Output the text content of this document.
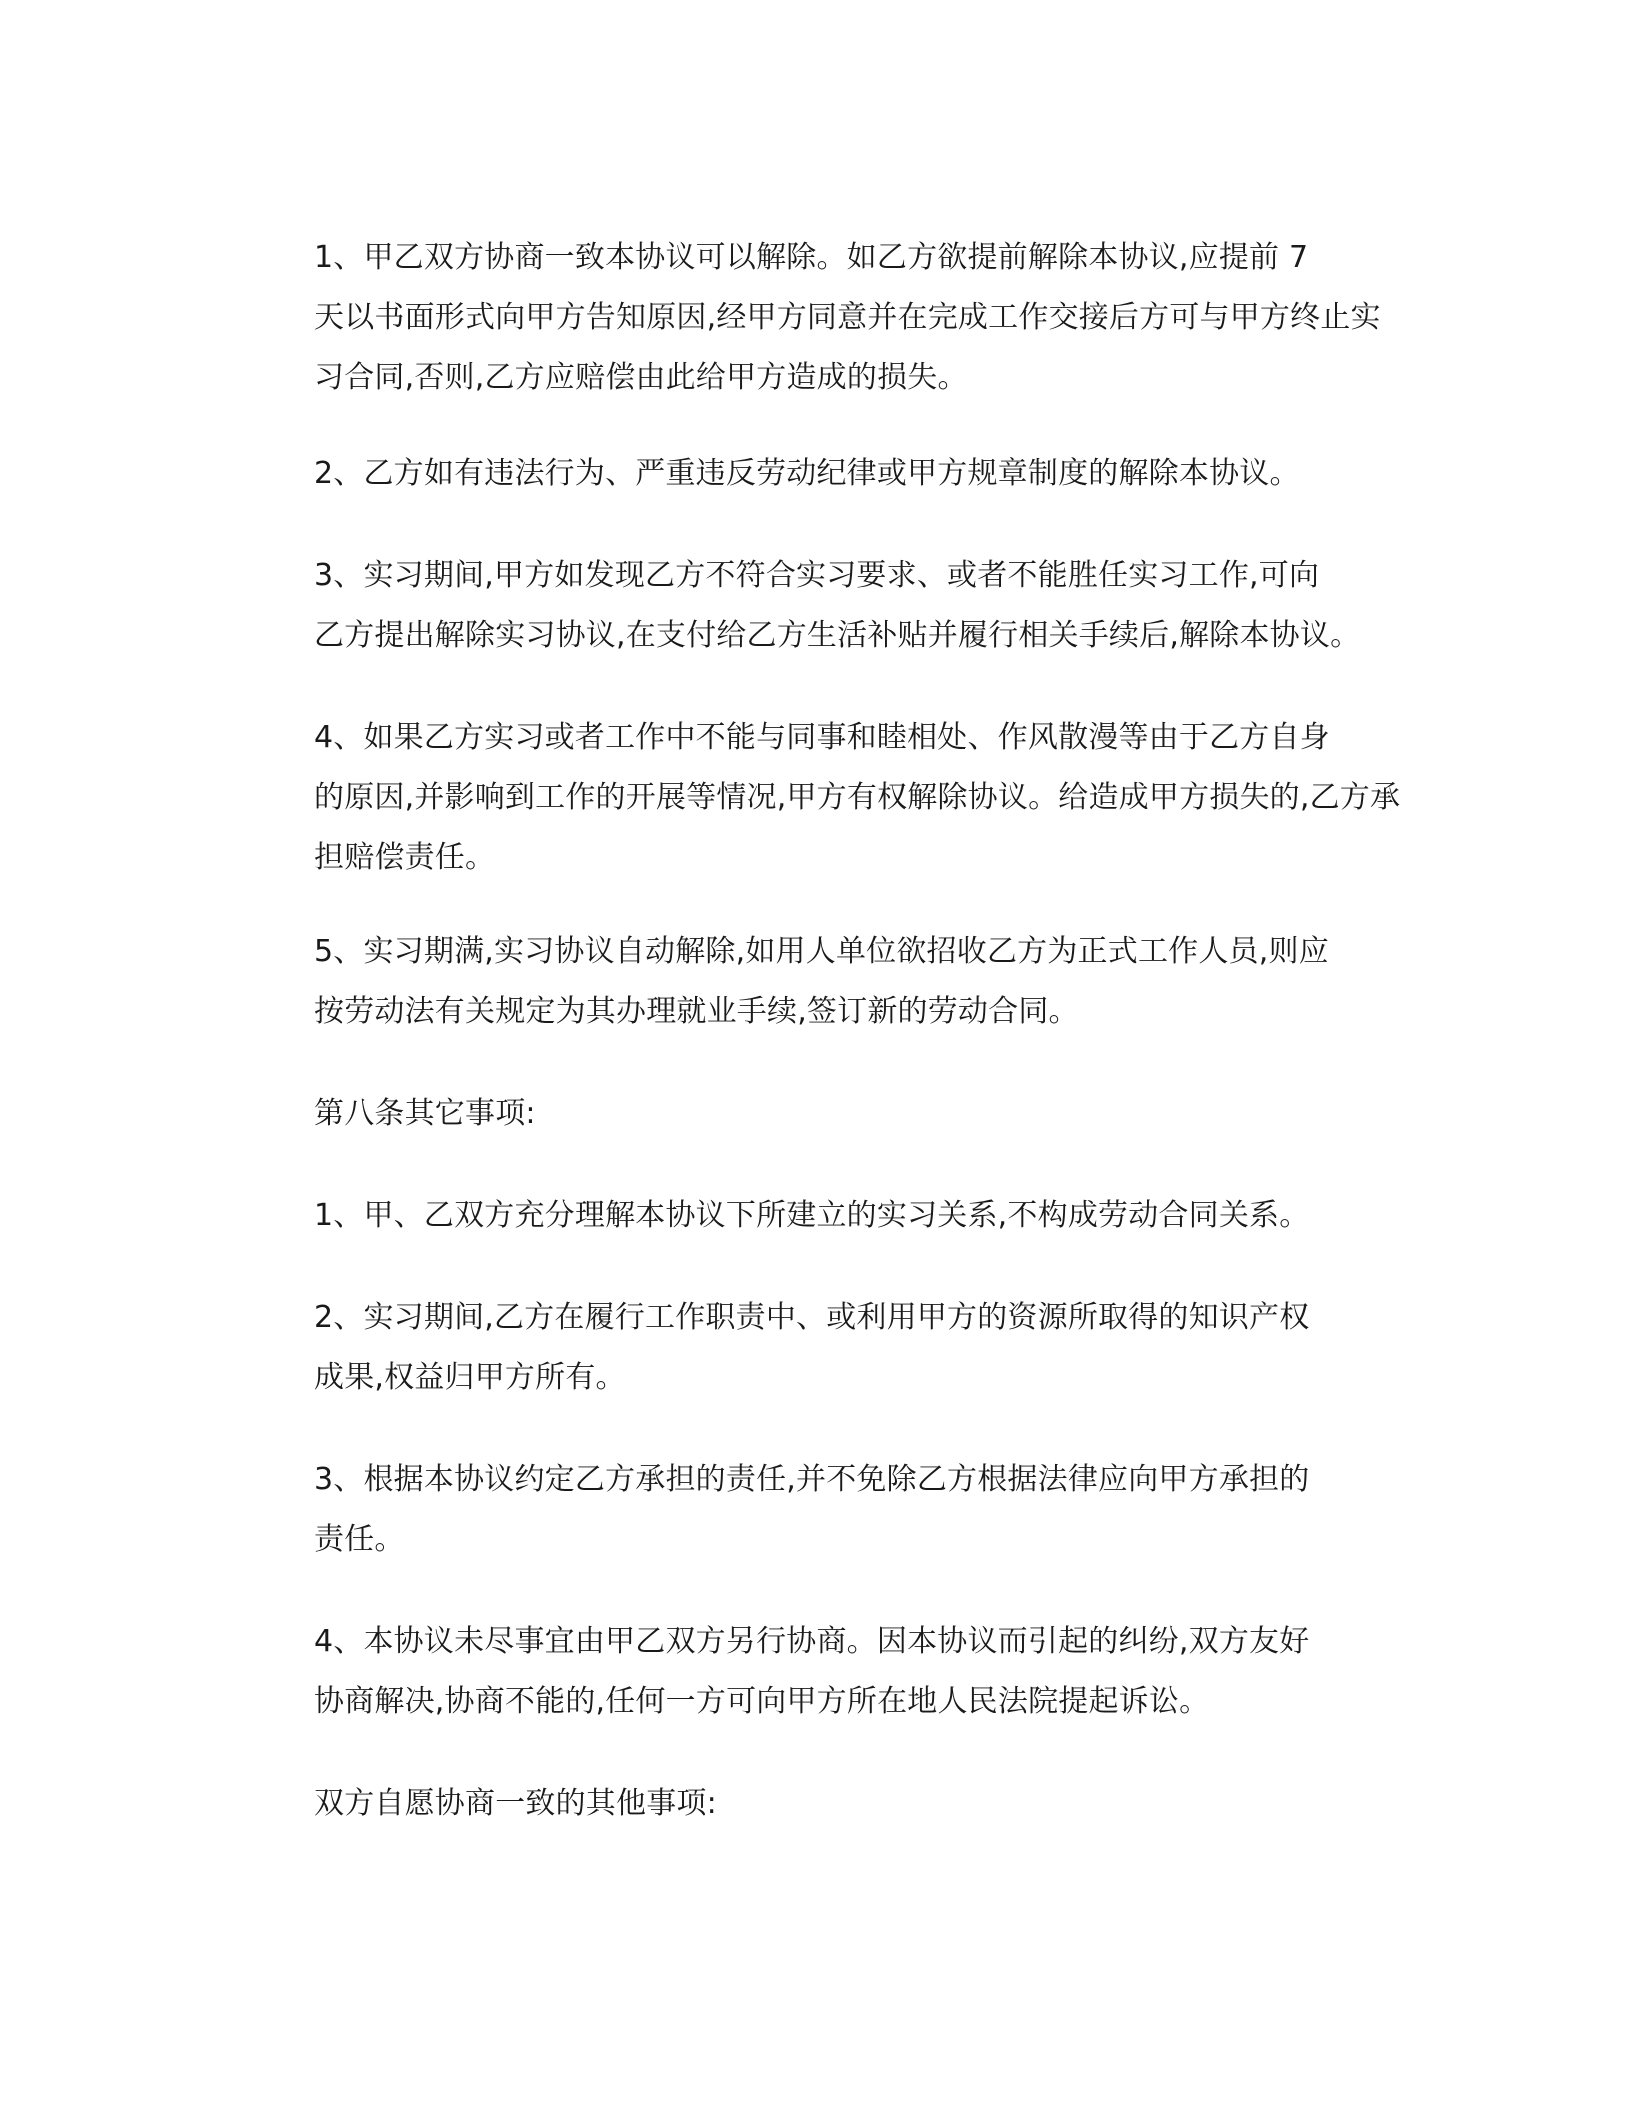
1、甲乙双方协商一致本协议可以解除。如乙方欲提前解除本协议,应提前 7
天以书面形式向甲方告知原因,经甲方同意并在完成工作交接后方可与甲方终止实
习合同,否则,乙方应赔偿由此给甲方造成的损失。
2、乙方如有违法行为、严重违反劳动纪律或甲方规章制度的解除本协议。
3、实习期间,甲方如发现乙方不符合实习要求、或者不能胜任实习工作,可向
乙方提出解除实习协议,在支付给乙方生活补贴并履行相关手续后,解除本协议。
4、如果乙方实习或者工作中不能与同事和睦相处、作风散漫等由于乙方自身
的原因,并影响到工作的开展等情况,甲方有权解除协议。给造成甲方损失的,乙方承
担赔偿责任。
5、实习期满,实习协议自动解除,如用人单位欲招收乙方为正式工作人员,则应
按劳动法有关规定为其办理就业手续,签订新的劳动合同。
第八条其它事项:
1、甲、乙双方充分理解本协议下所建立的实习关系,不构成劳动合同关系。
2、实习期间,乙方在履行工作职责中、或利用甲方的资源所取得的知识产权
成果,权益归甲方所有。
3、根据本协议约定乙方承担的责任,并不免除乙方根据法律应向甲方承担的
责任。
4、本协议未尽事宜由甲乙双方另行协商。因本协议而引起的纠纷,双方友好
协商解决,协商不能的,任何一方可向甲方所在地人民法院提起诉讼。
双方自愿协商一致的其他事项:
